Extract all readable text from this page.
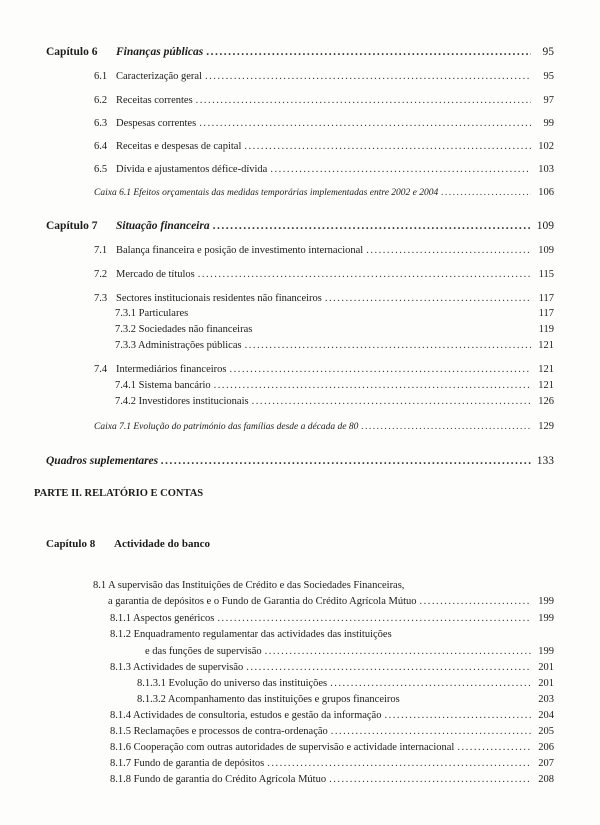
Capítulo 6	Finanças públicas .....	95
6.1 Caracterização geral .....	95
6.2 Receitas correntes .....	97
6.3 Despesas correntes .....	99
6.4 Receitas e despesas de capital .....	102
6.5 Dívida e ajustamentos défice-dívida .....	103
Caixa 6.1 Efeitos orçamentais das medidas temporárias implementadas entre 2002 e 2004 .....	106
Capítulo 7	Situação financeira .....	109
7.1 Balança financeira e posição de investimento internacional .....	109
7.2 Mercado de títulos .....	115
7.3 Sectores institucionais residentes não financeiros .....	117
7.3.1 Particulares	117
7.3.2 Sociedades não financeiras	119
7.3.3 Administrações públicas .....	121
7.4 Intermediários financeiros .....	121
7.4.1 Sistema bancário .....	121
7.4.2 Investidores institucionais .....	126
Caixa 7.1 Evolução do património das famílias desde a década de 80 .....	129
Quadros suplementares .....	133
PARTE II. RELATÓRIO E CONTAS
Capítulo 8 Actividade do banco
8.1 A supervisão das Instituições de Crédito e das Sociedades Financeiras,
a garantia de depósitos e o Fundo de Garantia do Crédito Agrícola Mútuo .....	199
8.1.1 Aspectos genéricos .....	199
8.1.2 Enquadramento regulamentar das actividades das instituições
e das funções de supervisão .....	199
8.1.3 Actividades de supervisão .....	201
8.1.3.1 Evolução do universo das instituições .....	201
8.1.3.2 Acompanhamento das instituições e grupos financeiros	203
8.1.4 Actividades de consultoria, estudos e gestão da informação .....	204
8.1.5 Reclamações e processos de contra-ordenação .....	205
8.1.6 Cooperação com outras autoridades de supervisão e actividade internacional .....	206
8.1.7 Fundo de garantia de depósitos .....	207
8.1.8 Fundo de garantia do Crédito Agrícola Mútuo .....	208
